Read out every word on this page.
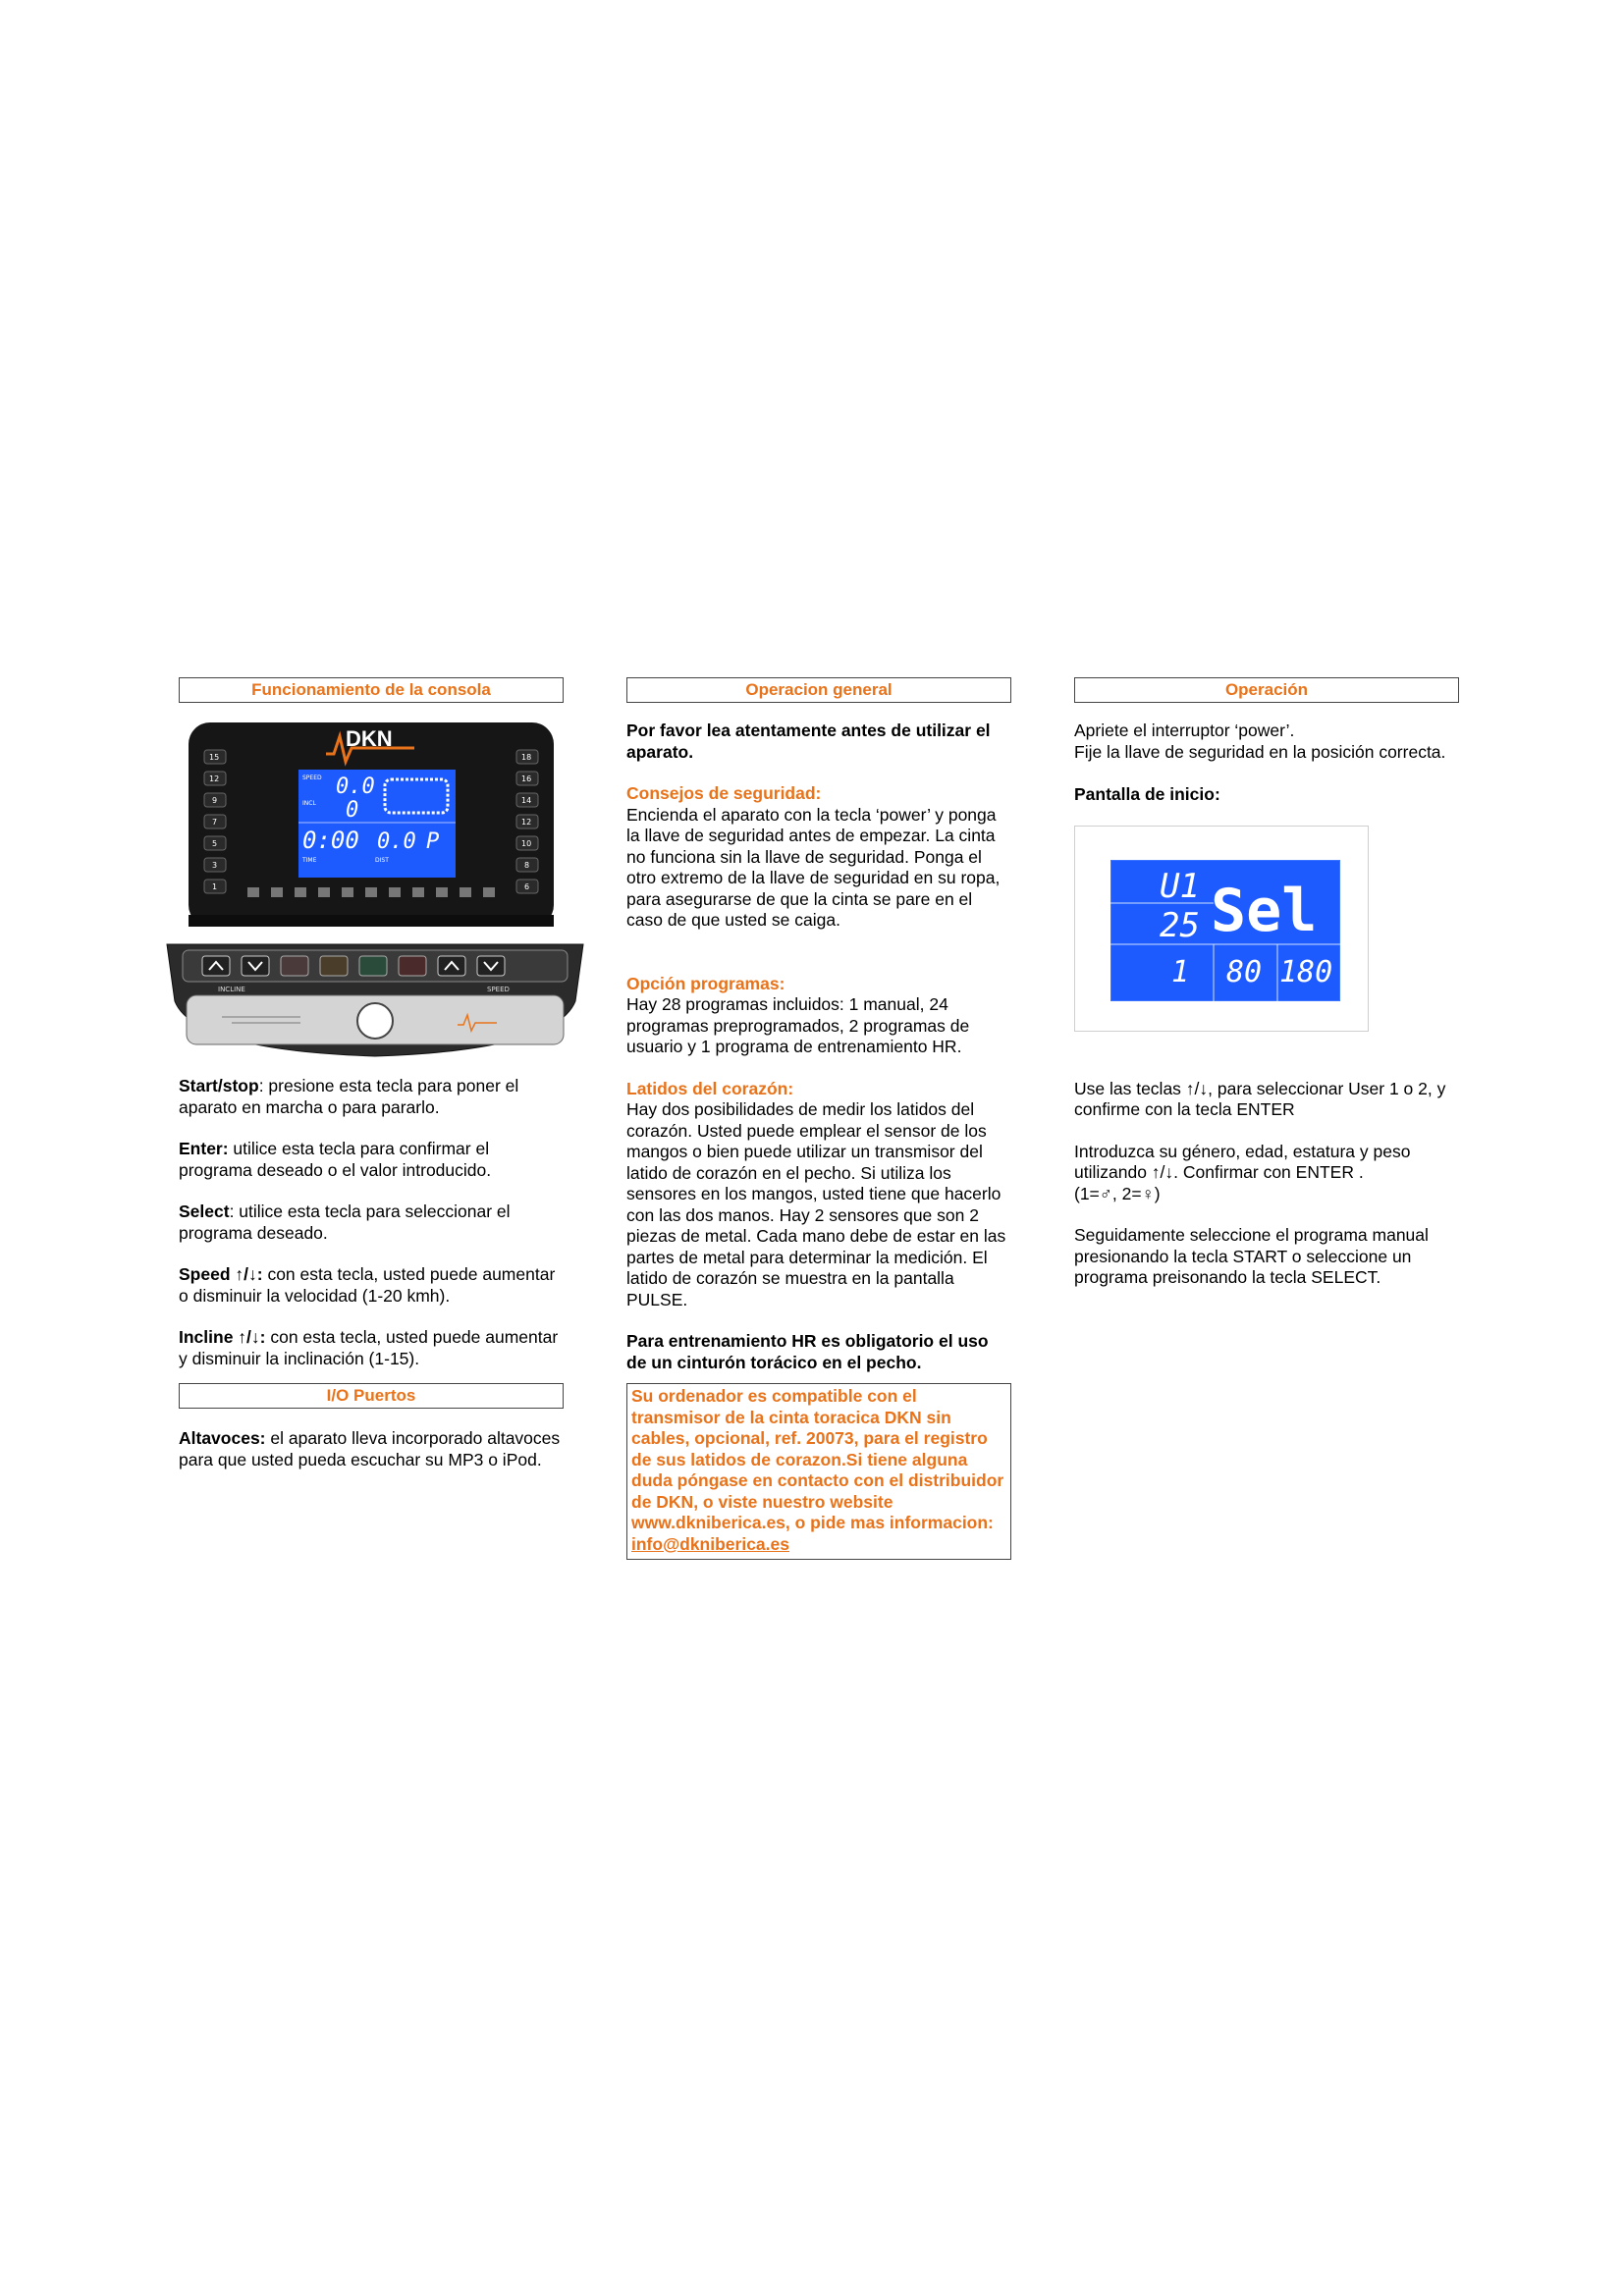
Funcionamiento de la consola
DKN
SPEED 0.0
INCL 0
0:00 0.0 P
TIME	DIST
15
12
9
7
5
3
1
18
16
14
12
10
8
6
INCLINE	SPEED

Start/stop: presione esta tecla para poner el aparato en marcha o para pararlo.

Enter: utilice esta tecla para confirmar el programa deseado o el valor introducido.

Select: utilice esta tecla para seleccionar el programa deseado.

Speed ↑/↓: con esta tecla, usted puede aumentar o disminuir la velocidad (1-20 kmh).

Incline ↑/↓: con esta tecla, usted puede aumentar y disminuir la inclinación (1-15).

I/O Puertos

Altavoces: el aparato lleva incorporado altavoces para que usted pueda escuchar su MP3 o iPod.

Operacion general

Por favor lea atentamente antes de utilizar el aparato.

Consejos de seguridad:

Encienda el aparato con la tecla ‘power’ y ponga la llave de seguridad antes de empezar. La cinta no funciona sin la llave de seguridad. Ponga el otro extremo de la llave de seguridad en su ropa, para asegurarse de que la cinta se pare en el caso de que usted se caiga.

Opción programas:

Hay 28 programas incluidos: 1 manual, 24 programas preprogramados, 2 programas de usuario y 1 programa de entrenamiento HR.

Latidos del corazón:

Hay dos posibilidades de medir los latidos del corazón. Usted puede emplear el sensor de los mangos o bien puede utilizar un transmisor del latido de corazón en el pecho. Si utiliza los sensores en los mangos, usted tiene que hacerlo con las dos manos. Hay 2 sensores que son 2 piezas de metal. Cada mano debe de estar en las partes de metal para determinar la medición. El latido de corazón se muestra en la pantalla PULSE.

Para entrenamiento HR es obligatorio el uso de un cinturón torácico en el pecho.

Su ordenador es compatible con el transmisor de la cinta toracica DKN sin cables, opcional, ref. 20073, para el registro de sus latidos de corazon.Si tiene alguna duda póngase en contacto con el distribuidor de DKN, o viste nuestro website www.dkniberica.es, o pide mas informacion:
info@dkniberica.es
Operación

Apriete el interruptor ‘power’.

Fije la llave de seguridad en la posición correcta.

Pantalla de inicio:

U1
25 Sel
1 80 180

Use las teclas ↑/↓, para seleccionar User 1 o 2, y confirme con la tecla ENTER

Introduzca su género, edad, estatura y peso utilizando ↑/↓. Confirmar con ENTER .

(1=♂, 2=♀)

Seguidamente seleccione el programa manual presionando la tecla START o seleccione un programa preisonando la tecla SELECT.
